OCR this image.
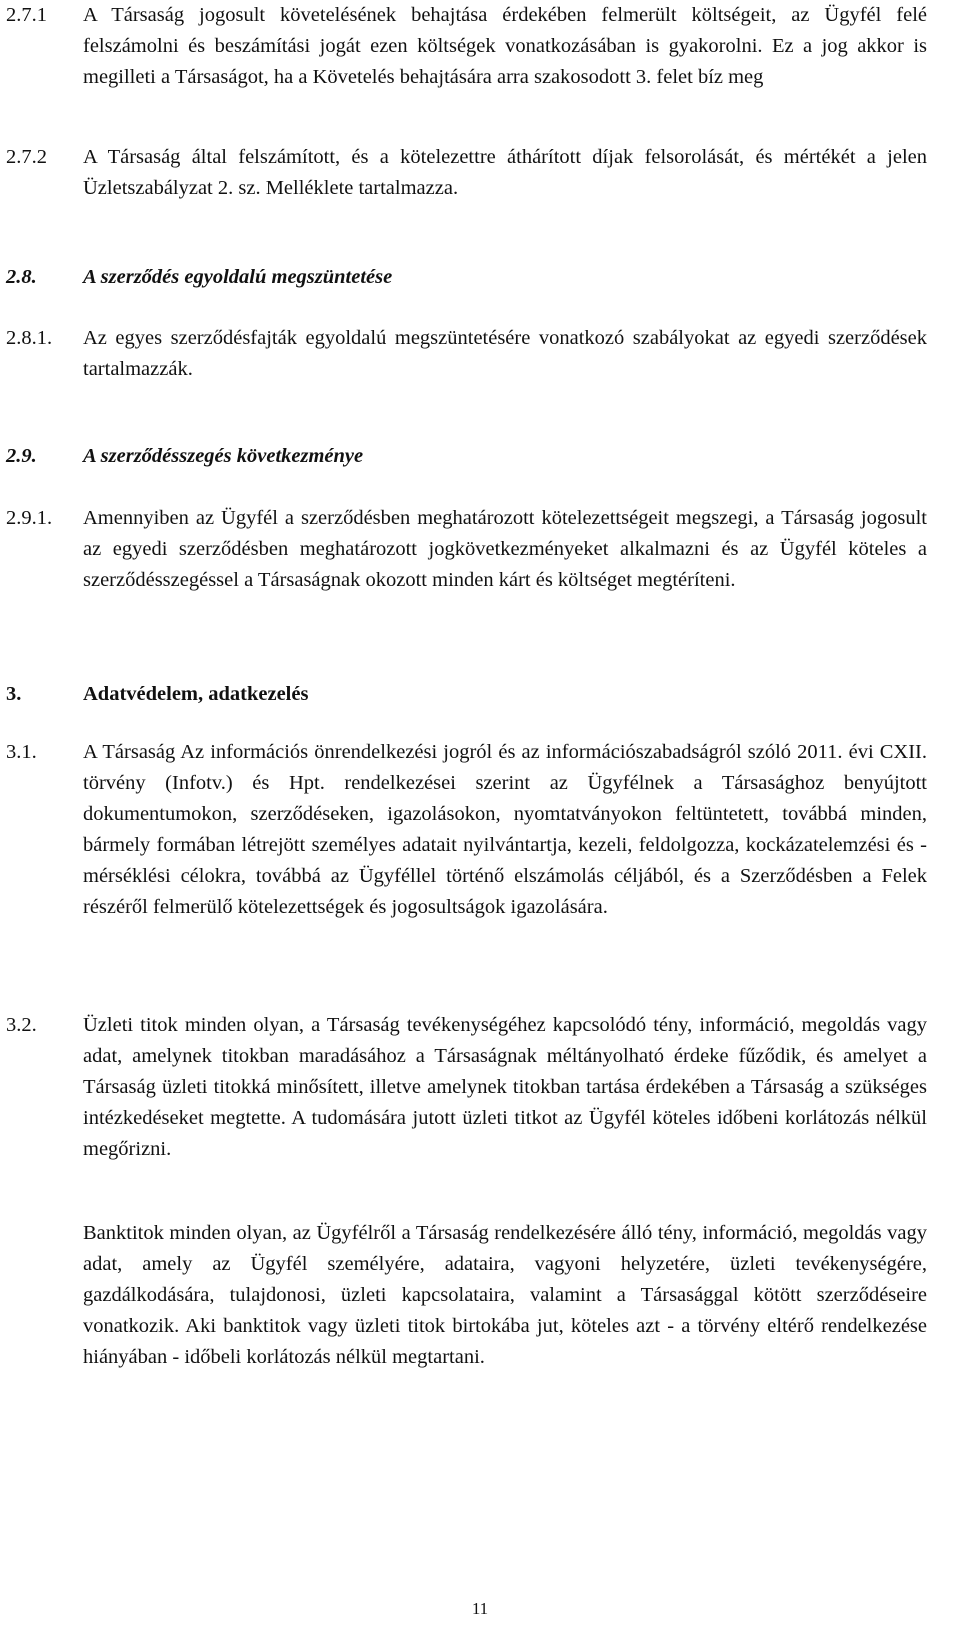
2.7.1 A Társaság jogosult követelésének behajtása érdekében felmerült költségeit, az Ügyfél felé felszámolni és beszámítási jogát ezen költségek vonatkozásában is gyakorolni. Ez a jog akkor is megilleti a Társaságot, ha a Követelés behajtására arra szakosodott 3. felet bíz meg
2.7.2 A Társaság által felszámított, és a kötelezettre áthárított díjak felsorolását, és mértékét a jelen Üzletszabályzat 2. sz. Melléklete tartalmazza.
2.8. A szerződés egyoldalú megszüntetése
2.8.1. Az egyes szerződésfajták egyoldalú megszüntetésére vonatkozó szabályokat az egyedi szerződések tartalmazzák.
2.9. A szerződésszegés következménye
2.9.1. Amennyiben az Ügyfél a szerződésben meghatározott kötelezettségeit megszegi, a Társaság jogosult az egyedi szerződésben meghatározott jogkövetkezményeket alkalmazni és az Ügyfél köteles a szerződésszegéssel a Társaságnak okozott minden kárt és költséget megtéríteni.
3.	Adatvédelem, adatkezelés
3.1. A Társaság Az információs önrendelkezési jogról és az információszabadságról szóló 2011. évi CXII. törvény (Infotv.) és Hpt. rendelkezései szerint az Ügyfélnek a Társasághoz benyújtott dokumentumokon, szerződéseken, igazolásokon, nyomtatványokon feltüntetett, továbbá minden, bármely formában létrejött személyes adatait nyilvántartja, kezeli, feldolgozza, kockázatelemzési és -mérséklési célokra, továbbá az Ügyféllel történő elszámolás céljából, és a Szerződésben a Felek részéről felmerülő kötelezettségek és jogosultságok igazolására.
3.2. Üzleti titok minden olyan, a Társaság tevékenységéhez kapcsolódó tény, információ, megoldás vagy adat, amelynek titokban maradásához a Társaságnak méltányolható érdeke fűződik, és amelyet a Társaság üzleti titokká minősített, illetve amelynek titokban tartása érdekében a Társaság a szükséges intézkedéseket megtette. A tudomására jutott üzleti titkot az Ügyfél köteles időbeni korlátozás nélkül megőrizni.
Banktitok minden olyan, az Ügyfélről a Társaság rendelkezésére álló tény, információ, megoldás vagy adat, amely az Ügyfél személyére, adataira, vagyoni helyzetére, üzleti tevékenységére, gazdálkodására, tulajdonosi, üzleti kapcsolataira, valamint a Társasággal kötött szerződéseire vonatkozik. Aki banktitok vagy üzleti titok birtokába jut, köteles azt - a törvény eltérő rendelkezése hiányában - időbeli korlátozás nélkül megtartani.
11
